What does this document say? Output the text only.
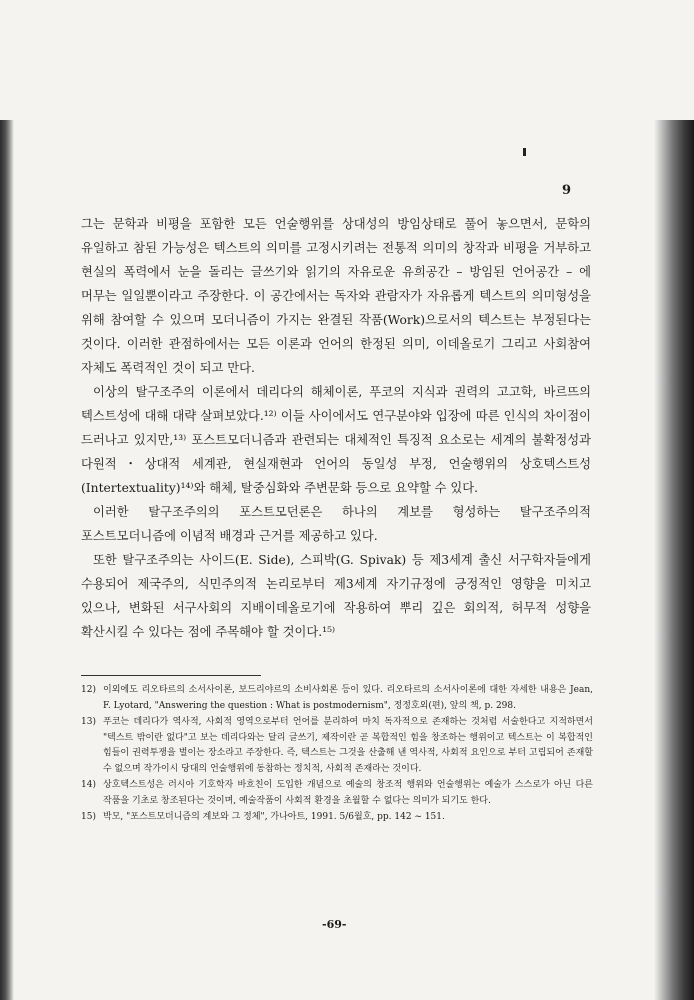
9

그는 문학과 비평을 포함한 모든 언술행위를 상대성의 방임상태로 풀어 놓으면서, 문학의 유일하고 참된 가능성은 텍스트의 의미를 고정시키려는 전통적 의미의 창작과 비평을 거부하고 현실의 폭력에서 눈을 돌리는 글쓰기와 읽기의 자유로운 유희공간 – 방임된 언어공간 – 에 머무는 일일뿐이라고 주장한다. 이 공간에서는 독자와 관람자가 자유롭게 텍스트의 의미형성을 위해 참여할 수 있으며 모더니즘이 가지는 완결된 작품(Work)으로서의 텍스트는 부정된다는 것이다. 이러한 관점하에서는 모든 이론과 언어의 한정된 의미, 이데올로기 그리고 사회참여 자체도 폭력적인 것이 되고 만다.

이상의 탈구조주의 이론에서 데리다의 해체이론, 푸코의 지식과 권력의 고고학, 바르뜨의 텍스트성에 대해 대략 살펴보았다.¹²⁾ 이들 사이에서도 연구분야와 입장에 따른 인식의 차이점이 드러나고 있지만,¹³⁾ 포스트모더니즘과 관련되는 대체적인 특징적 요소로는 세계의 불확정성과 다원적・상대적 세계관, 현실재현과 언어의 동일성 부정, 언술행위의 상호텍스트성(Intertextuality)¹⁴⁾와 해체, 탈중심화와 주변문화 등으로 요약할 수 있다.

이러한 탈구조주의의 포스트모던론은 하나의 계보를 형성하는 탈구조주의적 포스트모더니즘에 이념적 배경과 근거를 제공하고 있다.

또한 탈구조주의는 사이드(E. Side), 스피박(G. Spivak) 등 제3세계 출신 서구학자들에게 수용되어 제국주의, 식민주의적 논리로부터 제3세계 자기규정에 긍정적인 영향을 미치고 있으나, 변화된 서구사회의 지배이데올로기에 작용하여 뿌리 깊은 회의적, 허무적 성향을 확산시킬 수 있다는 점에 주목해야 할 것이다.¹⁵⁾

12) 이외에도 리오타르의 소서사이론, 보드리야르의 소비사회론 등이 있다. 리오타르의 소서사이론에 대한 자세한 내용은 Jean, F. Lyotard, "Answering the question : What is postmodernism", 정정호외(편), 앞의 책, p. 298.
13) 푸코는 데리다가 역사적, 사회적 영역으로부터 언어를 분리하여 마치 독자적으로 존재하는 것처럼 서술한다고 지적하면서 "텍스트 밖이란 없다"고 보는 데리다와는 달리 글쓰기, 제작이란 곧 복합적인 힘을 창조하는 행위이고 텍스트는 이 복합적인 힘들이 권력투쟁을 벌이는 장소라고 주장한다. 즉, 텍스트는 그것을 산출해 낸 역사적, 사회적 요인으로 부터 고립되어 존재할 수 없으며 작가이시 당대의 언술행위에 동참하는 정치적, 사회적 존재라는 것이다.
14) 상호텍스트성은 러시아 기호학자 바흐친이 도입한 개념으로 예술의 창조적 행위와 언술행위는 예술가 스스로가 아닌 다른 작품을 기초로 창조된다는 것이며, 예술작품이 사회적 환경을 초월할 수 없다는 의미가 되기도 한다.
15) 박모, "포스트모더니즘의 계보와 그 정체", 가나아트, 1991. 5/6월호, pp. 142 ~ 151.
-69-
